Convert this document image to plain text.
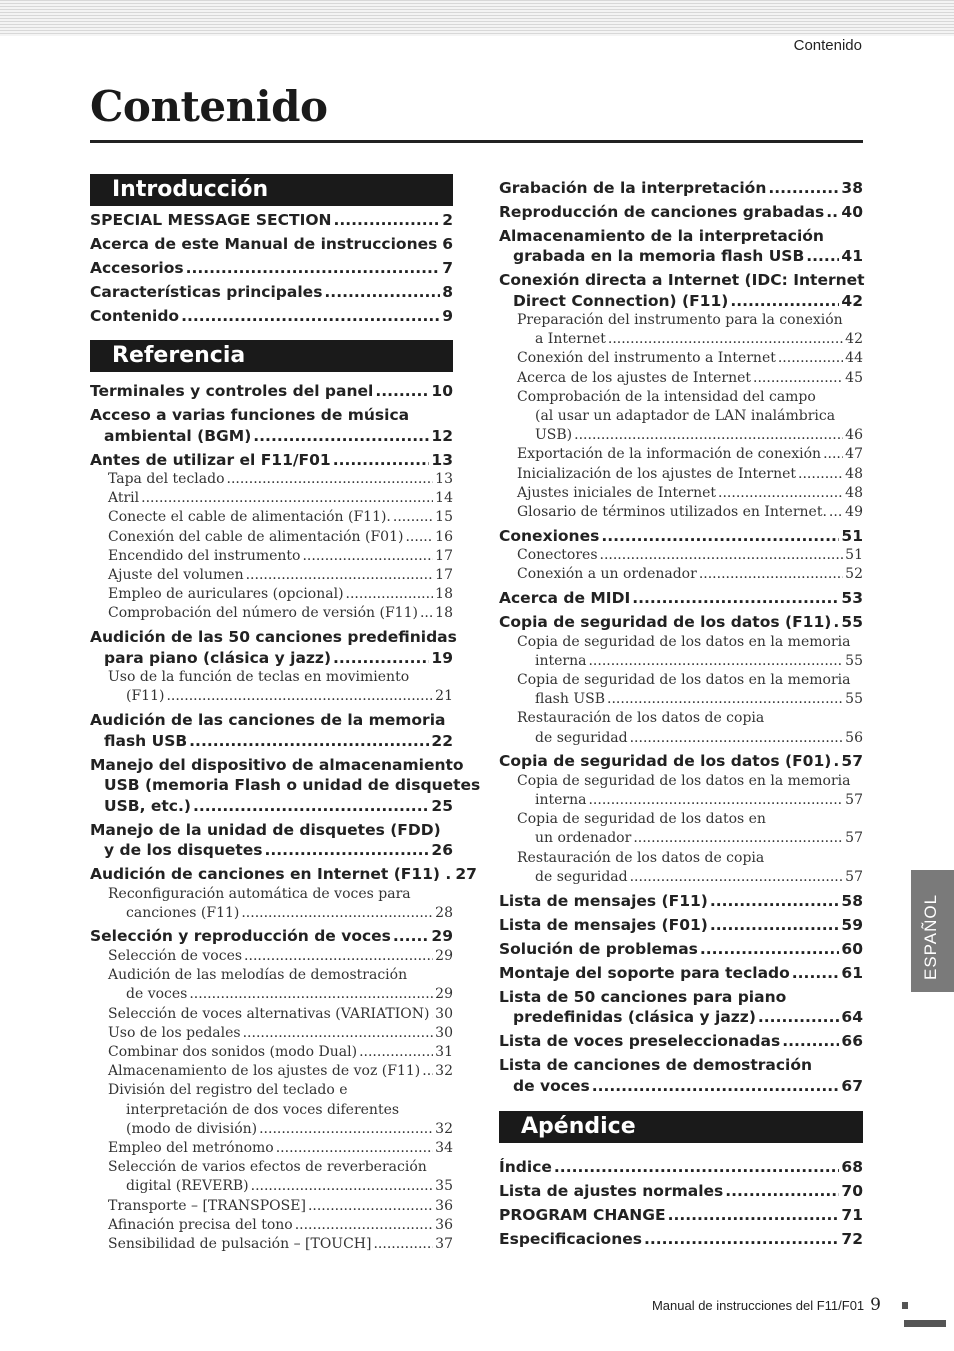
Contenido
Contenido
Introducción
SPECIAL MESSAGE SECTION .....	2
Acerca de este Manual de instrucciones ..... 6
Accesorios .....	7
Características principales .....	8
Contenido .....	9
Referencia
Terminales y controles del panel .....	10
Acceso a varias funciones de música
ambiental (BGM) .....	12
Antes de utilizar el F11/F01 .....	13
Tapa del teclado .....	13
Atril .....	14
Conecte el cable de alimentación (F11). .....	15
Conexión del cable de alimentación (F01) ..... 16
Encendido del instrumento .....	17
Ajuste del volumen .....	17
Empleo de auriculares (opcional) .....	18
Comprobación del número de versión (F11) ..... 18
Audición de las 50 canciones predefinidas
para piano (clásica y jazz) .....	19
Uso de la función de teclas en movimiento
(F11) .....	21
Audición de las canciones de la memoria
flash USB .....	22
Manejo del dispositivo de almacenamiento
USB (memoria Flash o unidad de disquetes
USB, etc.) .....	25
Manejo de la unidad de disquetes (FDD)
y de los disquetes .....	26
Audición de canciones en Internet (F11) . 27
Reconfiguración automática de voces para
canciones (F11) .....	28
Selección y reproducción de voces .....	29
Selección de voces .....	29
Audición de las melodías de demostración
de voces .....	29
Selección de voces alternativas (VARIATION) ..... 30
Uso de los pedales .....	30
Combinar dos sonidos (modo Dual) .....	31
Almacenamiento de los ajustes de voz (F11) ..... 32
División del registro del teclado e
interpretación de dos voces diferentes
(modo de división) .....	32
Empleo del metrónomo .....	34
Selección de varios efectos de reverberación
digital (REVERB) .....	35
Transporte – [TRANSPOSE] .....	36
Afinación precisa del tono .....	36
Sensibilidad de pulsación – [TOUCH] .....	37
Grabación de la interpretación .....	38
Reproducción de canciones grabadas ..... 40
Almacenamiento de la interpretación
grabada en la memoria flash USB ..... 41
Conexión directa a Internet (IDC: Internet
Direct Connection) (F11) .....	42
Preparación del instrumento para la conexión
a Internet .....	42
Conexión del instrumento a Internet .....	44
Acerca de los ajustes de Internet .....	45
Comprobación de la intensidad del campo
(al usar un adaptador de LAN inalámbrica
USB) .....	46
Exportación de la información de conexión ..... 47
Inicialización de los ajustes de Internet .....	48
Ajustes iniciales de Internet .....	48
Glosario de términos utilizados en Internet. ..... 49
Conexiones .....	51
Conectores .....	51
Conexión a un ordenador .....	52
Acerca de MIDI .....	53
Copia de seguridad de los datos (F11) ..... 55
Copia de seguridad de los datos en la memoria
interna .....	55
Copia de seguridad de los datos en la memoria
flash USB .....	55
Restauración de los datos de copia
de seguridad .....	56
Copia de seguridad de los datos (F01) ..... 57
Copia de seguridad de los datos en la memoria
interna .....	57
Copia de seguridad de los datos en
un ordenador .....	57
Restauración de los datos de copia
de seguridad .....	57
Lista de mensajes (F11) .....	58
Lista de mensajes (F01) .....	59
Solución de problemas .....	60
Montaje del soporte para teclado .....	61
Lista de 50 canciones para piano
predefinidas (clásica y jazz) .....	64
Lista de voces preseleccionadas .....	66
Lista de canciones de demostración
de voces .....	67
Apéndice
Índice .....	68
Lista de ajustes normales .....	70
PROGRAM CHANGE .....	71
Especificaciones .....	72
ESPAÑOL
Manual de instrucciones del F11/F01 9
